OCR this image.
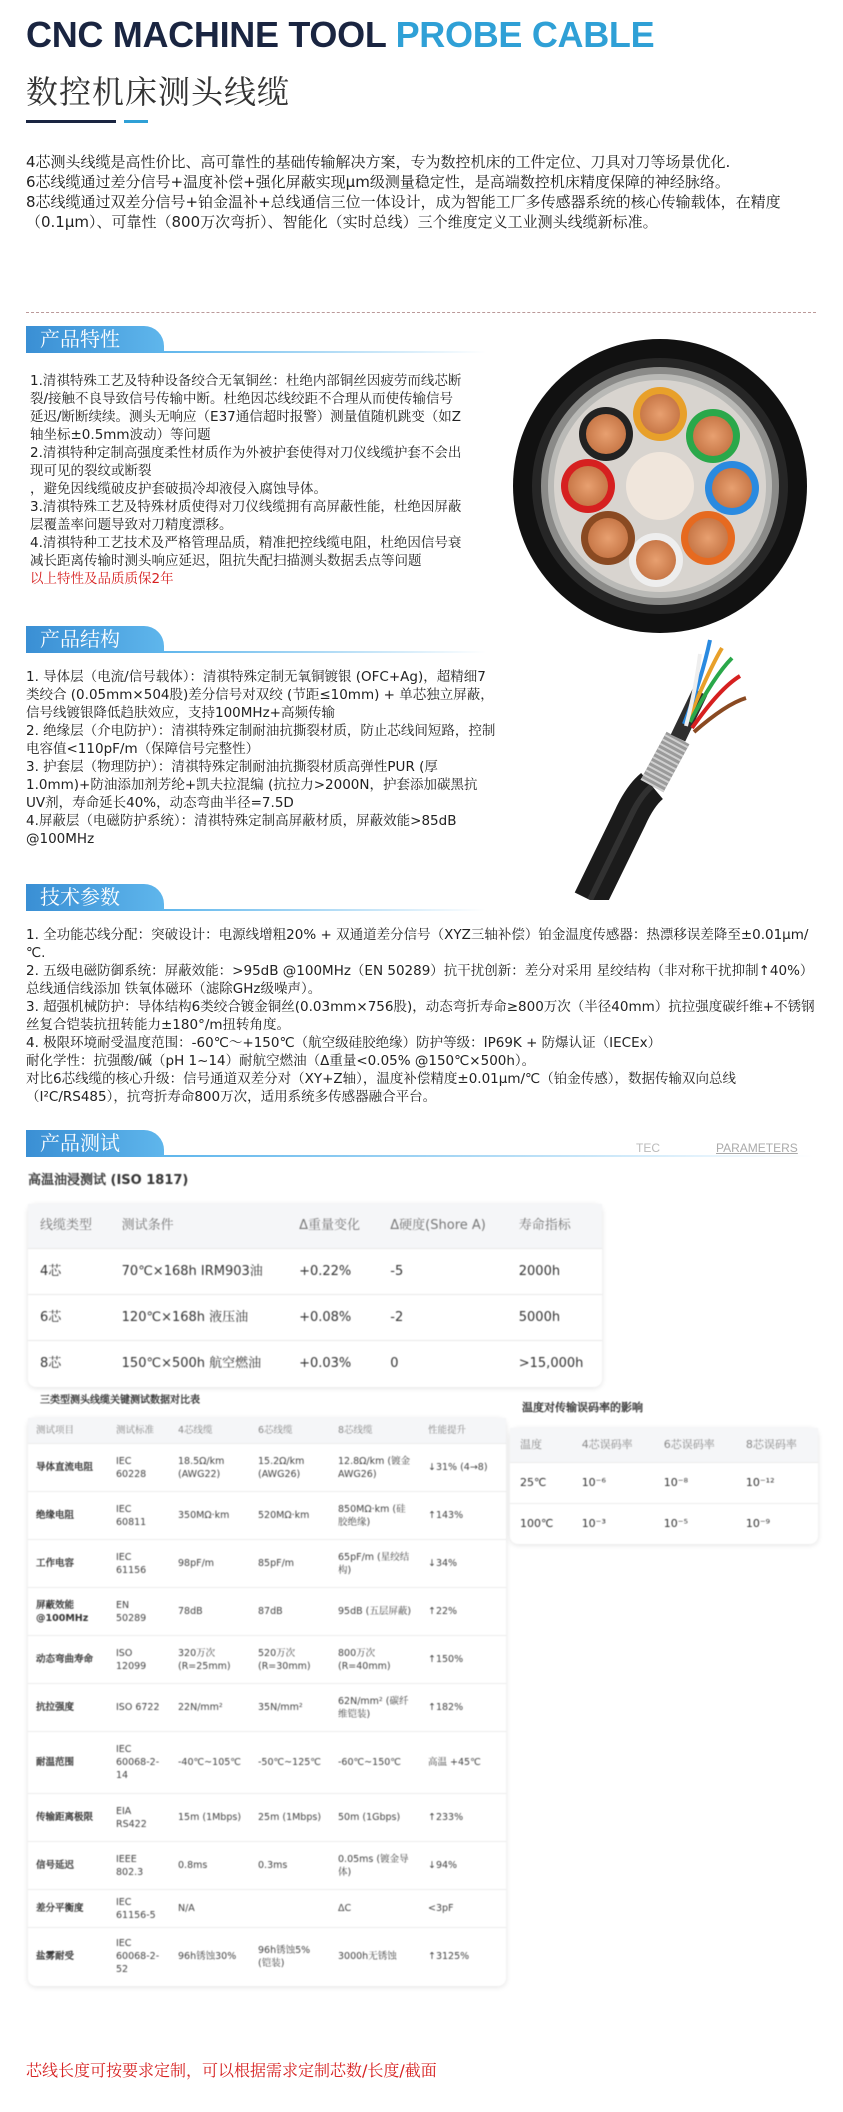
CNC MACHINE TOOL PROBE CABLE
数控机床测头线缆

4芯测头线缆是高性价比、高可靠性的基础传输解决方案，专为数控机床的工件定位、刀具对刀等场景优化.

6芯线缆通过差分信号+温度补偿+强化屏蔽实现μm级测量稳定性，是高端数控机床精度保障的神经脉络。

8芯线缆通过双差分信号+铂金温补+总线通信三位一体设计，成为智能工厂多传感器系统的核心传输载体，在精度（0.1μm）、可靠性（800万次弯折）、智能化（实时总线）三个维度定义工业测头线缆新标准。

产品特性

1.清祺特殊工艺及特种设备绞合无氧铜丝：杜绝内部铜丝因疲劳而线芯断裂/接触不良导致信号传输中断。杜绝因芯线绞距不合理从而使传输信号延迟/断断续续。测头无响应（E37通信超时报警）测量值随机跳变（如Z轴坐标±0.5mm波动）等问题

2.清祺特种定制高强度柔性材质作为外被护套使得对刀仪线缆护套不会出现可见的裂纹或断裂

，避免因线缆破皮护套破损冷却液侵入腐蚀导体。

3.清祺特殊工艺及特殊材质使得对刀仪线缆拥有高屏蔽性能，杜绝因屏蔽层覆盖率问题导致对刀精度漂移。

4.清祺特种工艺技术及严格管理品质，精准把控线缆电阻，杜绝因信号衰减长距离传输时测头响应延迟，阻抗失配扫描测头数据丢点等问题

以上特性及品质质保2年

产品结构

1. 导体层（电流/信号载体）：清祺特殊定制无氧铜镀银 (OFC+Ag)，超精细7类绞合 (0.05mm×504股)差分信号对双绞 (节距≤10mm) + 单芯独立屏蔽，信号线镀银降低趋肤效应，支持100MHz+高频传输

2. 绝缘层（介电防护）：清祺特殊定制耐油抗撕裂材质，防止芯线间短路，控制电容值<110pF/m（保障信号完整性）

3. 护套层（物理防护）：清祺特殊定制耐油抗撕裂材质高弹性PUR (厚1.0mm)+防油添加剂芳纶+凯夫拉混编 (抗拉力>2000N，护套添加碳黑抗UV剂，寿命延长40%，动态弯曲半径=7.5D

4.屏蔽层（电磁防护系统）：清祺特殊定制高屏蔽材质，屏蔽效能>85dB @100MHz

技术参数

1. 全功能芯线分配：突破设计：电源线增粗20% + 双通道差分信号（XYZ三轴补偿）铂金温度传感器：热漂移误差降至±0.01μm/℃.

2. 五级电磁防御系统：屏蔽效能：>95dB @100MHz（EN 50289）抗干扰创新：差分对采用 星绞结构（非对称干扰抑制↑40%）总线通信线添加 铁氧体磁环（滤除GHz级噪声）。

3. 超强机械防护：导体结构6类绞合镀金铜丝(0.03mm×756股)，动态弯折寿命≥800万次（半径40mm）抗拉强度碳纤维+不锈钢丝复合铠装抗扭转能力±180°/m扭转角度。

4. 极限环境耐受温度范围：-60℃～+150℃（航空级硅胶绝缘）防护等级：IP69K + 防爆认证（IECEx）

耐化学性：抗强酸/碱（pH 1~14）耐航空燃油（Δ重量<0.05% @150℃×500h）。

对比6芯线缆的核心升级：信号通道双差分对（XY+Z轴），温度补偿精度±0.01μm/℃（铂金传感），数据传输双向总线（I²C/RS485），抗弯折寿命800万次，适用系统多传感器融合平台。

产品测试	TEC	PARAMETERS
高温油浸测试 (ISO 1817)
线缆类型	测试条件	Δ重量变化	Δ硬度(Shore A)	寿命指标
4芯	70℃×168h IRM903油	+0.22%	-5	2000h
6芯	120℃×168h 液压油	+0.08%	-2	5000h
8芯	150℃×500h 航空燃油	+0.03%	0	>15,000h
三类型测头线缆关键测试数据对比表
测试项目	测试标准	4芯线缆	6芯线缆	8芯线缆	性能提升
导体直流电阻	IEC 60228	18.5Ω/km (AWG22)	15.2Ω/km (AWG26)	12.8Ω/km (镀金AWG26)	↓31% (4→8)
绝缘电阻	IEC 60811	350MΩ·km	520MΩ·km	850MΩ·km (硅胶绝缘)	↑143%
工作电容	IEC 61156	98pF/m	85pF/m	65pF/m (星绞结构)	↓34%
屏蔽效能 @100MHz	EN 50289	78dB	87dB	95dB (五层屏蔽)	↑22%
动态弯曲寿命	ISO 12099	320万次 (R=25mm)	520万次 (R=30mm)	800万次 (R=40mm)	↑150%
抗拉强度	ISO 6722	22N/mm²	35N/mm²	62N/mm² (碳纤维铠装)	↑182%
耐温范围	IEC 60068-2-14	-40℃~105℃	-50℃~125℃	-60℃~150℃	高温 +45℃
传输距离极限	EIA RS422	15m (1Mbps)	25m (1Mbps)	50m (1Gbps)	↑233%
信号延迟	IEEE 802.3	0.8ms	0.3ms	0.05ms (镀金导体)	↓94%
差分平衡度	IEC 61156-5	N/A		ΔC	<3pF
盐雾耐受	IEC 60068-2-52	96h锈蚀30%	96h锈蚀5% (铠装)	3000h无锈蚀	↑3125%
温度对传输误码率的影响
温度	4芯误码率	6芯误码率	8芯误码率
25℃	10⁻⁶	10⁻⁸	10⁻¹²
100℃	10⁻³	10⁻⁵	10⁻⁹
芯线长度可按要求定制，可以根据需求定制芯数/长度/截面
